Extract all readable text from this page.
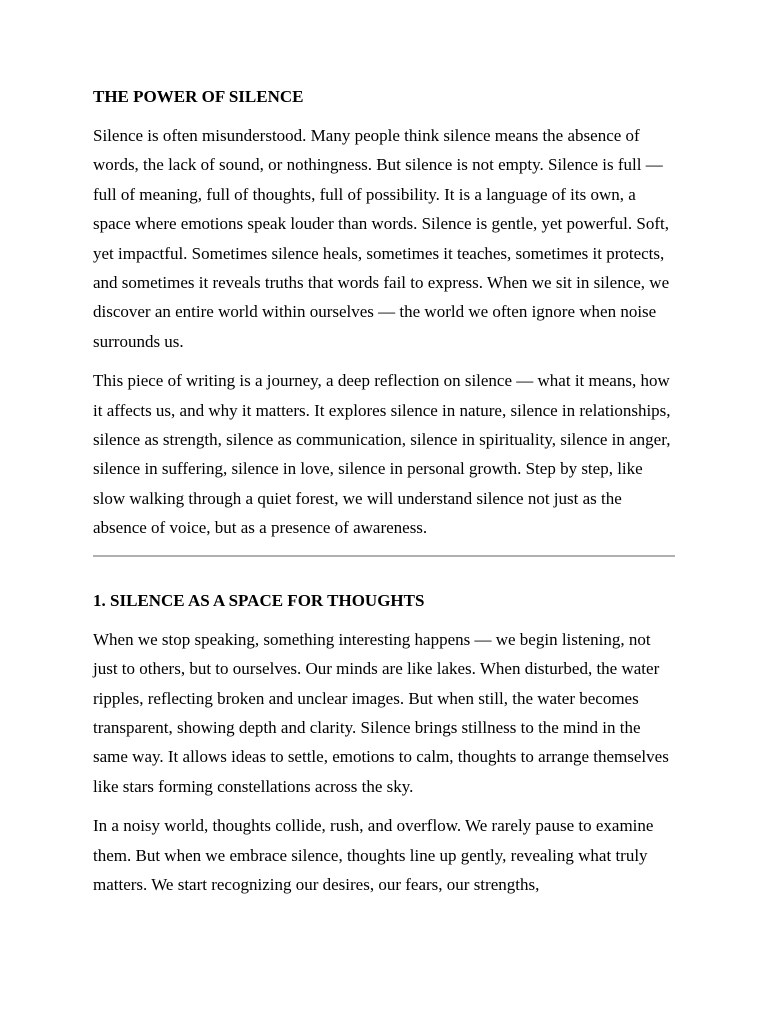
THE POWER OF SILENCE

Silence is often misunderstood. Many people think silence means the absence of words, the lack of sound, or nothingness. But silence is not empty. Silence is full — full of meaning, full of thoughts, full of possibility. It is a language of its own, a space where emotions speak louder than words. Silence is gentle, yet powerful. Soft, yet impactful. Sometimes silence heals, sometimes it teaches, sometimes it protects, and sometimes it reveals truths that words fail to express. When we sit in silence, we discover an entire world within ourselves — the world we often ignore when noise surrounds us.

This piece of writing is a journey, a deep reflection on silence — what it means, how it affects us, and why it matters. It explores silence in nature, silence in relationships, silence as strength, silence as communication, silence in spirituality, silence in anger, silence in suffering, silence in love, silence in personal growth. Step by step, like slow walking through a quiet forest, we will understand silence not just as the absence of voice, but as a presence of awareness.

1. SILENCE AS A SPACE FOR THOUGHTS

When we stop speaking, something interesting happens — we begin listening, not just to others, but to ourselves. Our minds are like lakes. When disturbed, the water ripples, reflecting broken and unclear images. But when still, the water becomes transparent, showing depth and clarity. Silence brings stillness to the mind in the same way. It allows ideas to settle, emotions to calm, thoughts to arrange themselves like stars forming constellations across the sky.

In a noisy world, thoughts collide, rush, and overflow. We rarely pause to examine them. But when we embrace silence, thoughts line up gently, revealing what truly matters. We start recognizing our desires, our fears, our strengths,
